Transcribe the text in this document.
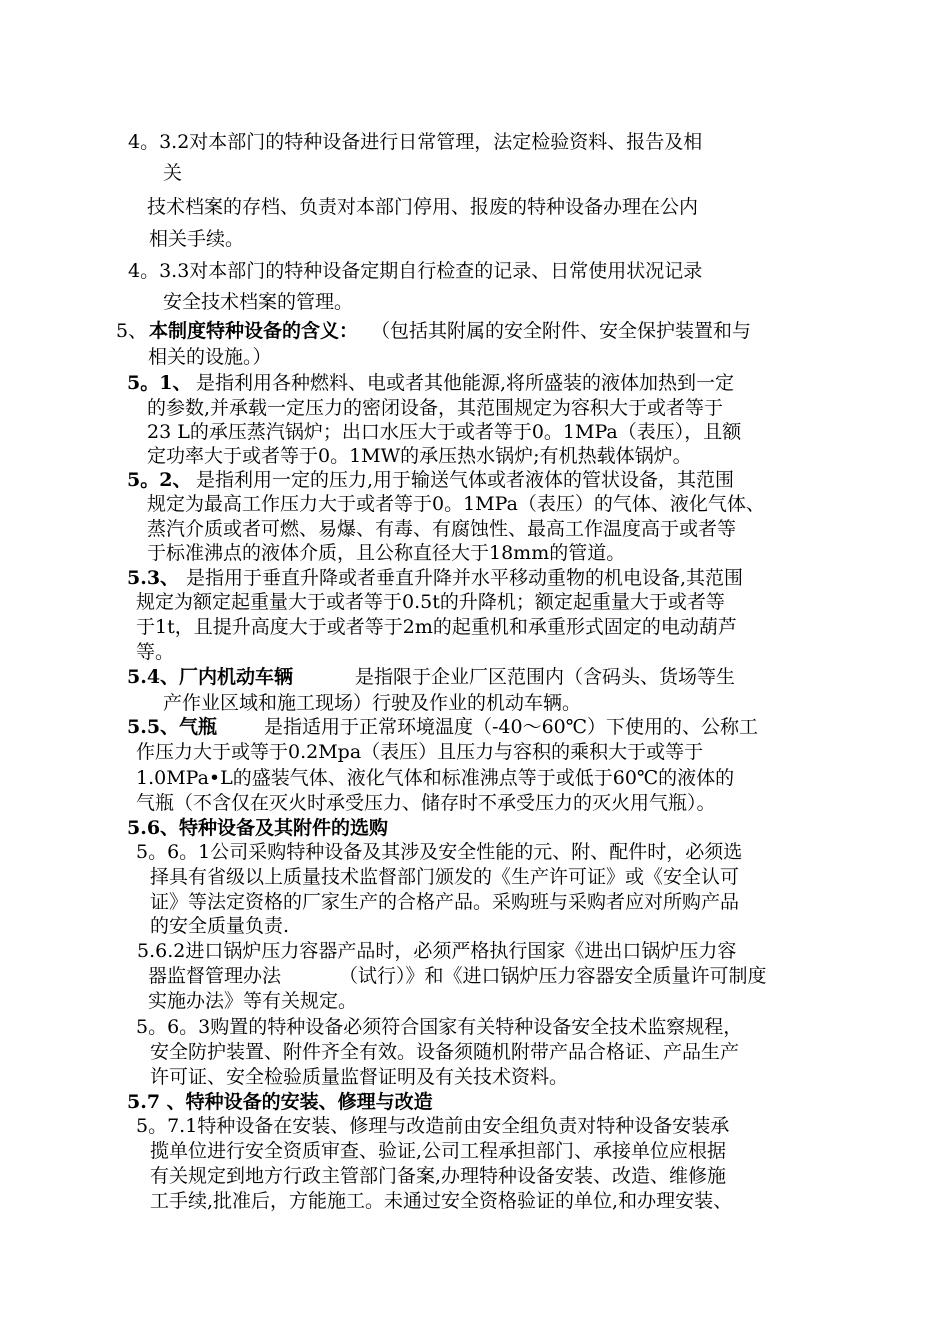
4。3.2对本部门的特种设备进行日常管理，法定检验资料、报告及相

关

技术档案的存档、负责对本部门停用、报废的特种设备办理在公内

相关手续。

4。3.3对本部门的特种设备定期自行检查的记录、日常使用状况记录

安全技术档案的管理。

5、 本制度特种设备的含义： （包括其附属的安全附件、安全保护装置和与

相关的设施。）

5。1、 是指利用各种燃料、电或者其他能源,将所盛装的液体加热到一定

的参数,并承载一定压力的密闭设备，其范围规定为容积大于或者等于

23 L的承压蒸汽锅炉；出口水压大于或者等于0。1MPa（表压），且额

定功率大于或者等于0。1MW的承压热水锅炉;有机热载体锅炉。

5。2、 是指利用一定的压力,用于输送气体或者液体的管状设备，其范围

规定为最高工作压力大于或者等于0。1MPa（表压）的气体、液化气体、

蒸汽介质或者可燃、易爆、有毒、有腐蚀性、最高工作温度高于或者等

于标准沸点的液体介质，且公称直径大于18mm的管道。

5.3、 是指用于垂直升降或者垂直升降并水平移动重物的机电设备,其范围

规定为额定起重量大于或者等于0.5t的升降机；额定起重量大于或者等

于1t，且提升高度大于或者等于2m的起重机和承重形式固定的电动葫芦

等。

5.4、厂内机动车辆	是指限于企业厂区范围内（含码头、货场等生

产作业区域和施工现场）行驶及作业的机动车辆。

5.5、气瓶 是指适用于正常环境温度（-40～60℃）下使用的、公称工

作压力大于或等于0.2Mpa（表压）且压力与容积的乘积大于或等于

1.0MPa•L的盛装气体、液化气体和标准沸点等于或低于60℃的液体的

气瓶（不含仅在灭火时承受压力、储存时不承受压力的灭火用气瓶）。

5.6、特种设备及其附件的选购

5。6。1公司采购特种设备及其涉及安全性能的元、附、配件时，必须选

择具有省级以上质量技术监督部门颁发的《生产许可证》或《安全认可

证》等法定资格的厂家生产的合格产品。采购班与采购者应对所购产品

的安全质量负责.

5.6.2进口锅炉压力容器产品时，必须严格执行国家《进出口锅炉压力容

器监督管理办法	（试行）》和《进口锅炉压力容器安全质量许可制度

实施办法》等有关规定。

5。6。3购置的特种设备必须符合国家有关特种设备安全技术监察规程，

安全防护装置、附件齐全有效。设备须随机附带产品合格证、产品生产

许可证、安全检验质量监督证明及有关技术资料。

5.7 、特种设备的安装、修理与改造

5。7.1特种设备在安装、修理与改造前由安全组负责对特种设备安装承

揽单位进行安全资质审查、验证,公司工程承担部门、承接单位应根据

有关规定到地方行政主管部门备案,办理特种设备安装、改造、维修施

工手续,批准后，方能施工。未通过安全资格验证的单位,和办理安装、
